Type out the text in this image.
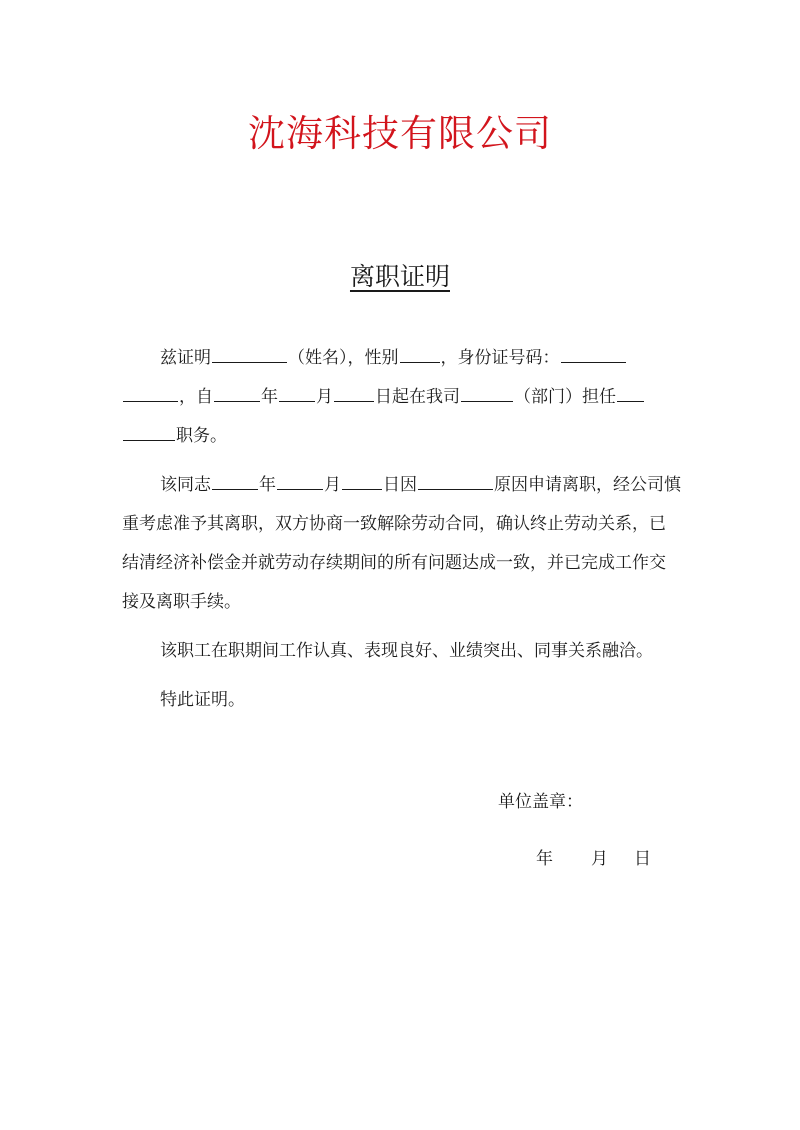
沈海科技有限公司
离职证明

兹证明	（姓名），性别 ，身份证号码：，自	年 月 日起在我司	（部门）担任职务。

该同志	年	月 日因	原因申请离职，经公司慎重考虑准予其离职，双方协商一致解除劳动合同，确认终止劳动关系，已结清经济补偿金并就劳动存续期间的所有问题达成一致，并已完成工作交接及离职手续。

该职工在职期间工作认真、表现良好、业绩突出、同事关系融洽。

特此证明。

单位盖章：
年 月 日
